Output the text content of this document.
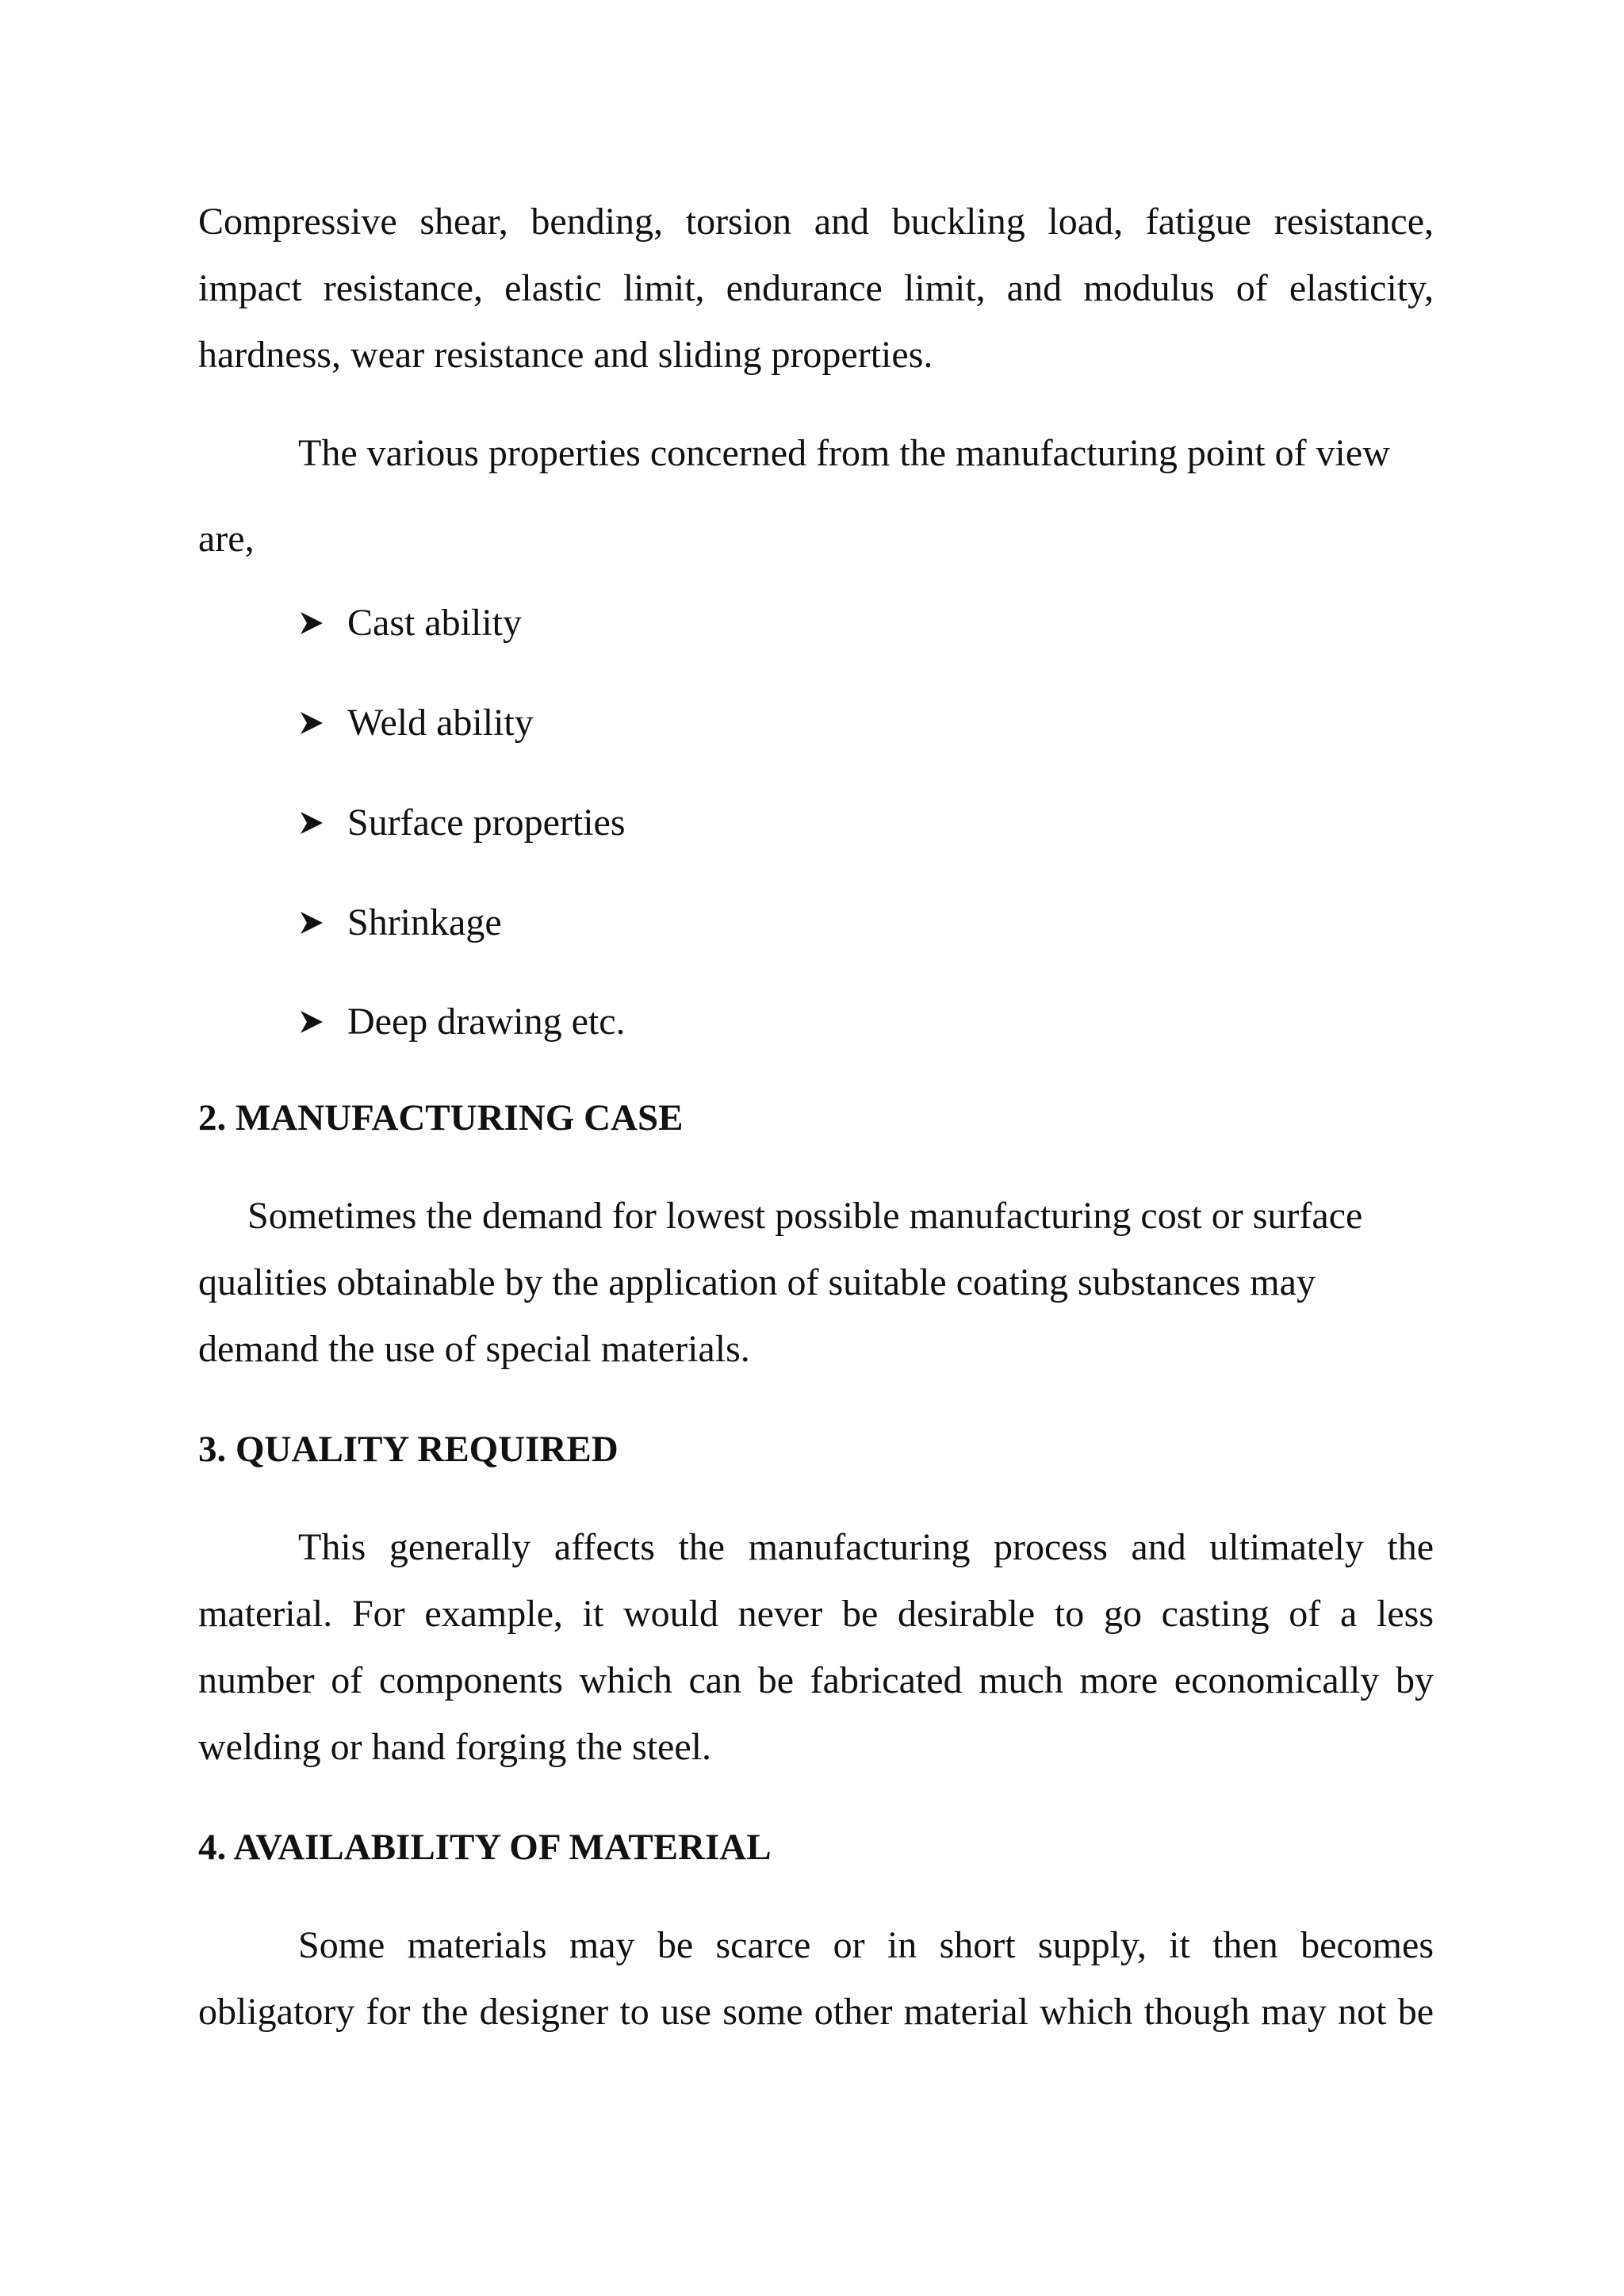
Compressive shear, bending, torsion and buckling load, fatigue resistance,
impact resistance, elastic limit, endurance limit, and modulus of elasticity,
hardness, wear resistance and sliding properties.
The various properties concerned from the manufacturing point of view
are,
Cast ability
Weld ability
Surface properties
Shrinkage
Deep drawing etc.
2. MANUFACTURING CASE
Sometimes the demand for lowest possible manufacturing cost or surface
qualities obtainable by the application of suitable coating substances may
demand the use of special materials.
3. QUALITY REQUIRED
This generally affects the manufacturing process and ultimately the
material. For example, it would never be desirable to go casting of a less
number of components which can be fabricated much more economically by
welding or hand forging the steel.
4. AVAILABILITY OF MATERIAL
Some materials may be scarce or in short supply, it then becomes
obligatory for the designer to use some other material which though may not be
